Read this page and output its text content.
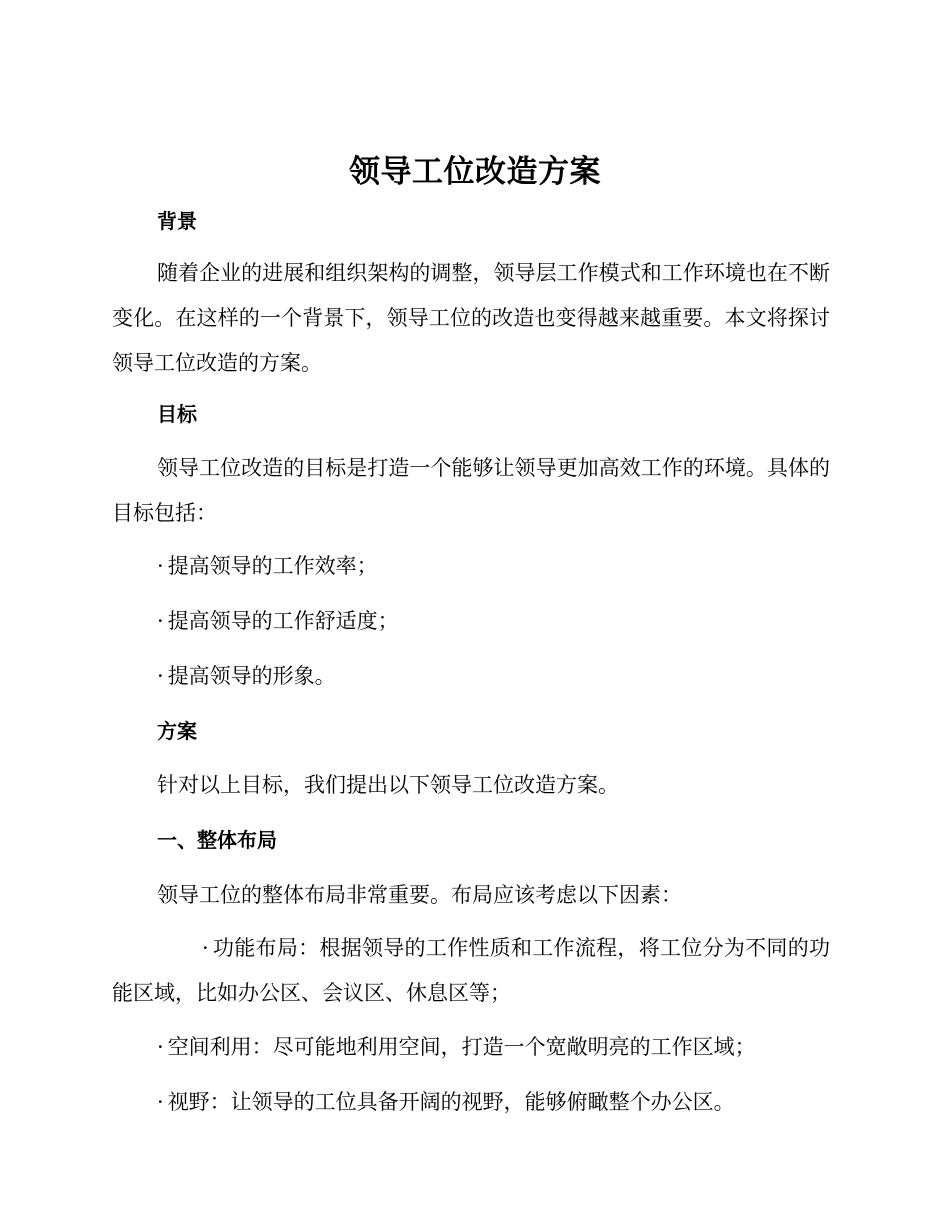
领导工位改造方案
背景

随着企业的进展和组织架构的调整，领导层工作模式和工作环境也在不断变化。在这样的一个背景下，领导工位的改造也变得越来越重要。本文将探讨领导工位改造的方案。

目标

领导工位改造的目标是打造一个能够让领导更加高效工作的环境。具体的目标包括：

· 提高领导的工作效率；
· 提高领导的工作舒适度；
· 提高领导的形象。
方案
针对以上目标，我们提出以下领导工位改造方案。
一、整体布局
领导工位的整体布局非常重要。布局应该考虑以下因素：

· 功能布局：根据领导的工作性质和工作流程，将工位分为不同的功能区域，比如办公区、会议区、休息区等；

· 空间利用：尽可能地利用空间，打造一个宽敞明亮的工作区域；
· 视野：让领导的工位具备开阔的视野，能够俯瞰整个办公区。
